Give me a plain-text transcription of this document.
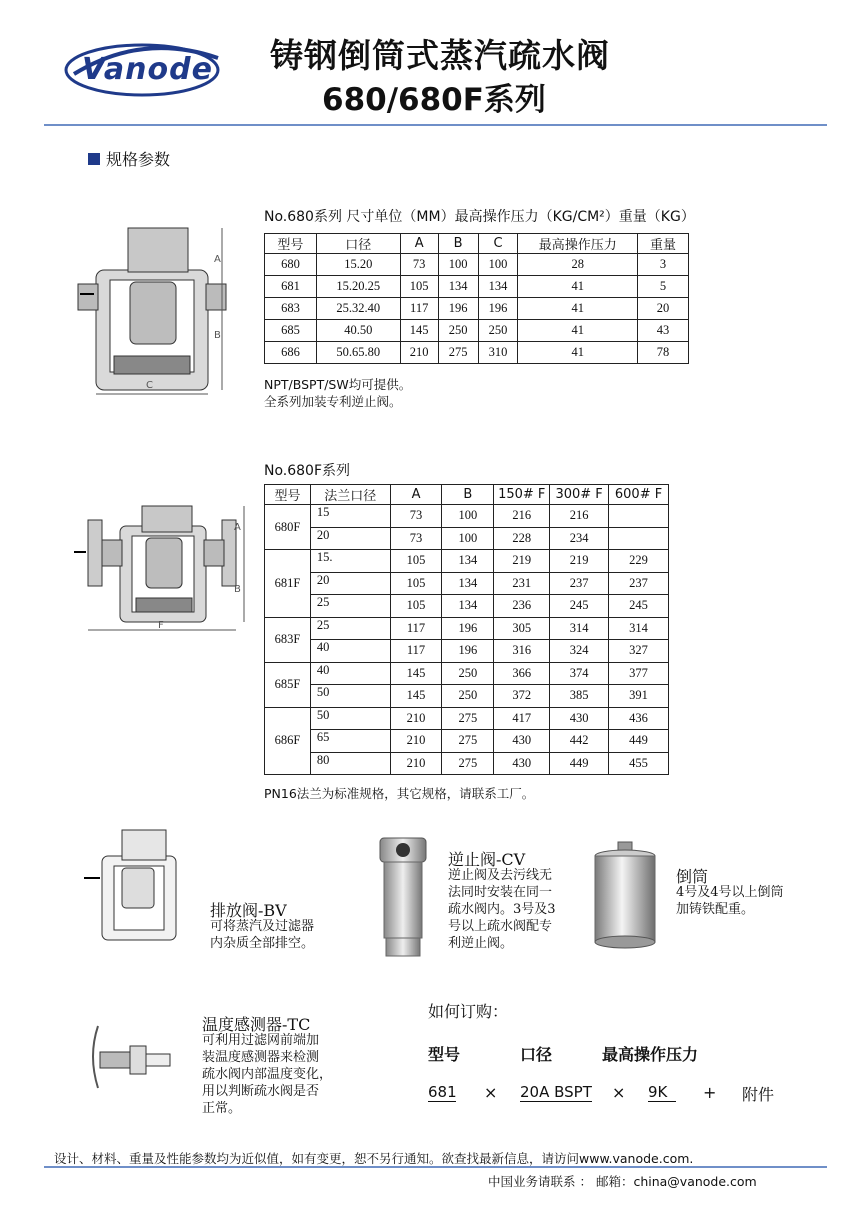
Vanode 铸钢倒筒式蒸汽疏水阀
680/680F系列
规格参数
A
B
C
No.680系列 尺寸单位（MM）最高操作压力（KG/CM²）重量（KG）
型号	口径	A	B	C	最高操作压力	重量
680	15.20	73	100	100	28	3
681	15.20.25	105	134	134	41	5
683	25.32.40	117	196	196	41	20
685	40.50	145	250	250	41	43
686	50.65.80	210	275	310	41	78
NPT/BSPT/SW均可提供。
全系列加装专利逆止阀。
A
B
F
No.680F系列
型号	法兰口径	A	B	150# F	300# F	600# F
680F	15	73	100	216	216	
	20	73	100	228	234	
681F	15.	105	134	219	219	229
	20	105	134	231	237	237
	25	105	134	236	245	245
683F	25	117	196	305	314	314
	40	117	196	316	324	327
685F	40	145	250	366	374	377
	50	145	250	372	385	391
686F	50	210	275	417	430	436
	65	210	275	430	442	449
	80	210	275	430	449	455
PN16法兰为标准规格，其它规格，请联系工厂。
排放阀-BV
可将蒸汽及过滤器
内杂质全部排空。
逆止阀-CV
逆止阀及去污线无
法同时安装在同一
疏水阀内。3号及3
号以上疏水阀配专
利逆止阀。
倒筒
4号及4号以上倒筒
加铸铁配重。
温度感测器-TC
可利用过滤网前端加
装温度感测器来检测
疏水阀内部温度变化，
用以判断疏水阀是否
正常。
如何订购：
型号	口径	最高操作压力
681 × 20A BSPT × 9K	+ 附件
设计、材料、重量及性能参数均为近似值，如有变更，恕不另行通知。欲查找最新信息，请访问www.vanode.com.
中国业务请联系 ： 邮箱：china@vanode.com
